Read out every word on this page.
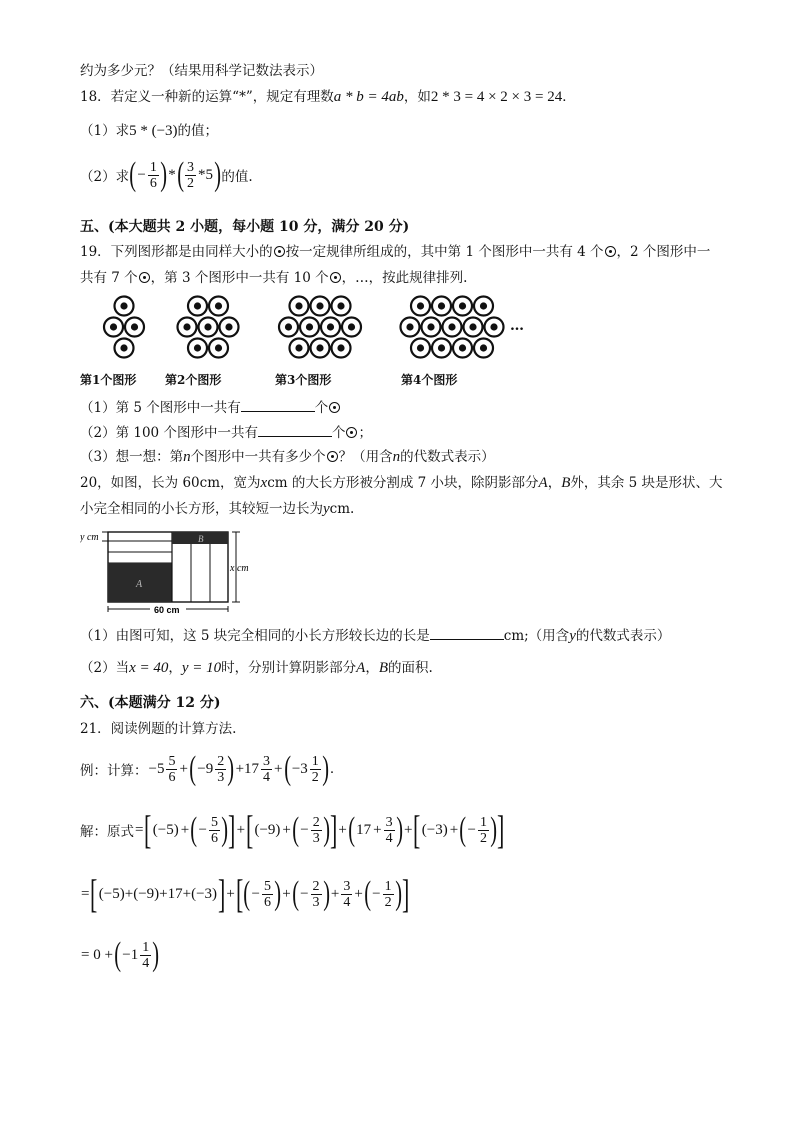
约为多少元？（结果用科学记数法表示）
18．若定义一种新的运算“*”，规定有理数a * b = 4ab，如2 * 3 = 4 × 2 × 3 = 24．
（1）求5 * (−3)的值；
（2）求(− $\frac{1}{6}$ )*( $\frac{3}{2} *5$)的值.
五、(本大题共 2 小题，每小题 10 分，满分 20 分)
19．下列图形都是由同样大小的 按一定规律所组成的，其中第 1 个图形中一共有 4 个 ，2 个图形中一
共有 7 个 ，第 3 个图形中一共有 10 个 ，…，按此规律排列.
第1个图形 第2个图形	第3个图形	第4个图形
…
（1）第 5 个图形中一共有	个
（2）第 100 个图形中一共有	个 ；
（3）想一想：第n个图形中一共有多少个 ？（用含n的代数式表示）
20，如图，长为 60cm，宽为xcm 的大长方形被分割成 7 小块，除阴影部分A，B外，其余 5 块是形状、大
小完全相同的小长方形，其较短一边长为ycm.
y cm
A
B
x cm
60 cm
（1）由图可知，这 5 块完全相同的小长方形较长边的长是	cm;（用含y的代数式表示）
（2）当x = 40，y = 10时，分别计算阴影部分A，B的面积.
六、(本题满分 12 分)
21．阅读例题的计算方法.
例：计算：$-5 \frac{5}{6} +(-9 \frac{2}{3} )+17 \frac{3}{4} +(-3 \frac{1}{2}$ ).
解：原式=[(−5) +(− $\frac{5}{6} )]+[(-9)$ +(− $\frac{2}{3} )]+(17 + \frac{3}{4} )+[(-3)$ +(− $\frac{1}{2}$ )]
$=[(-5)+(-9)+17+(-3)]+[(- \frac{5}{6}$ )+(− $\frac{2}{3}$ )+ $\frac{3}{4}$ +(− $\frac{1}{2}$ )]
= $0 +(-1 \frac{1}{4}$ )
